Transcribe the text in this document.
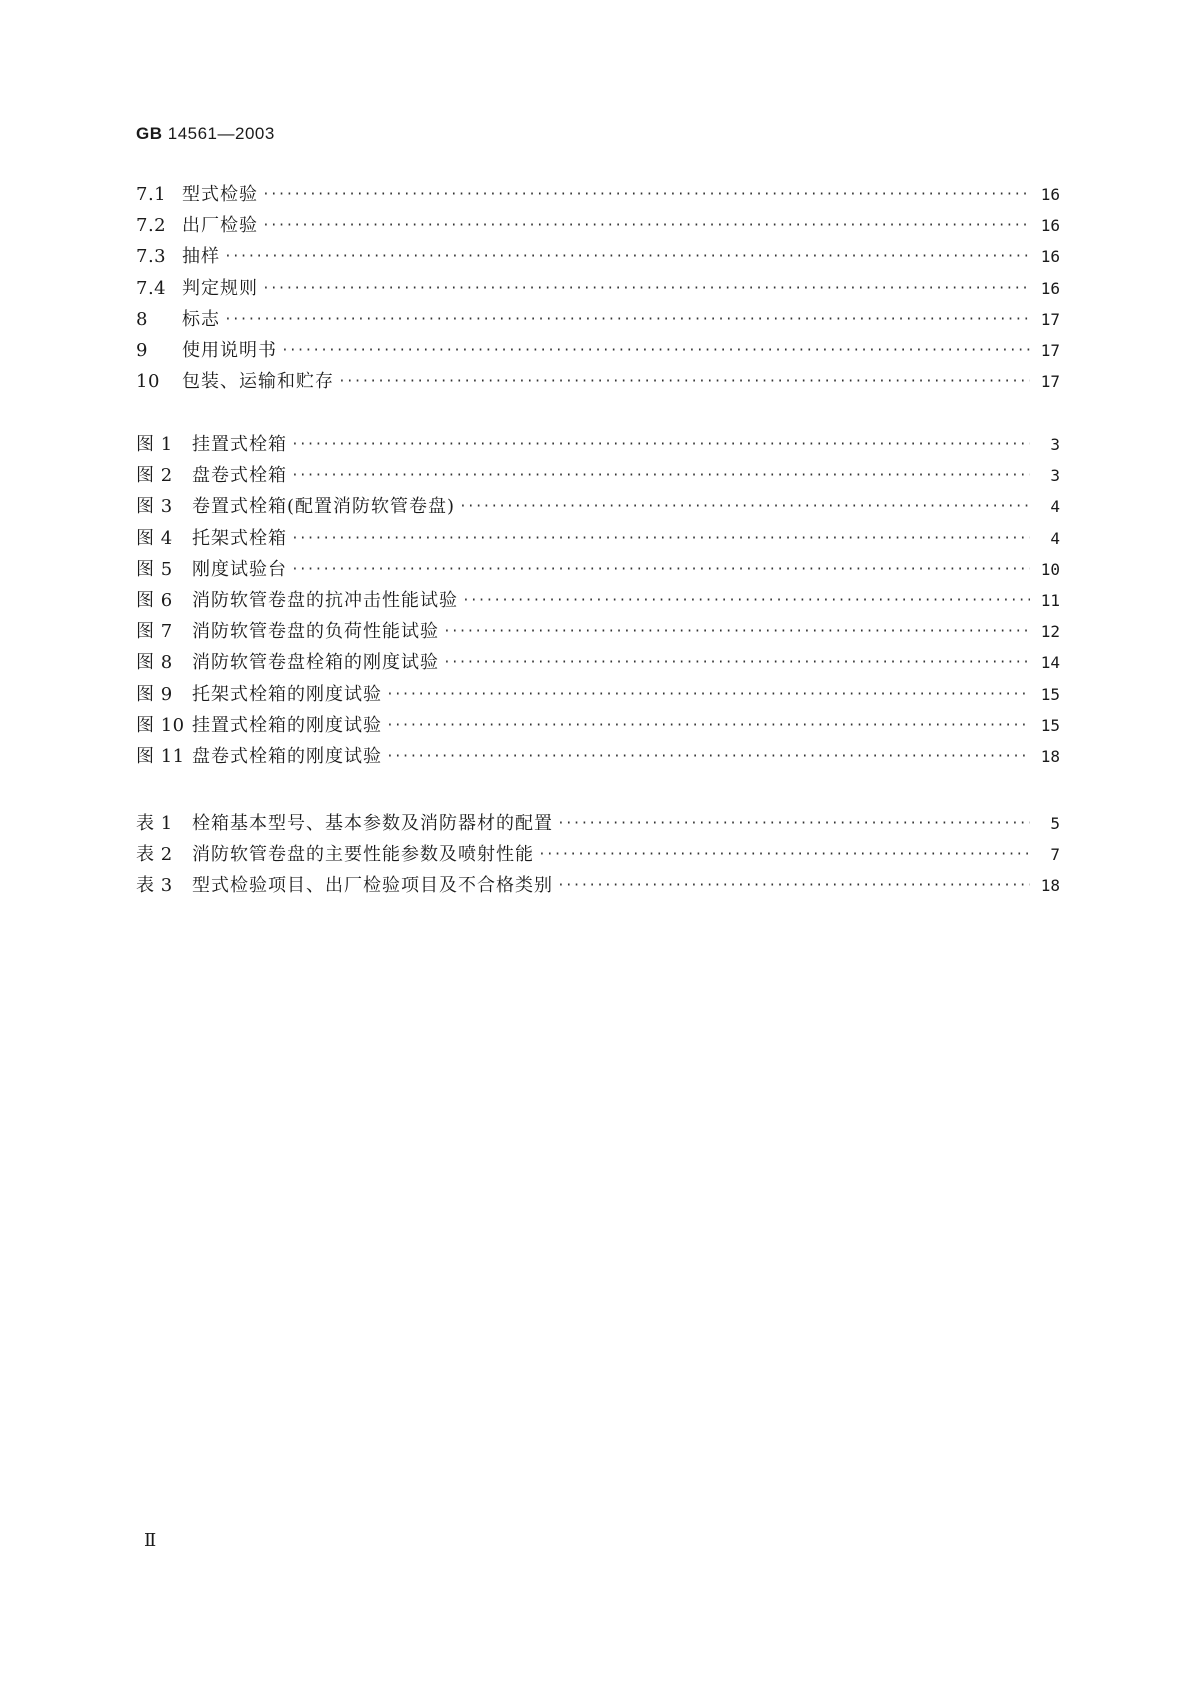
GB 14561—2003
7.1 型式检验 ·····	16
7.2 出厂检验 ·····	16
7.3 抽样 ·····	16
7.4 判定规则 ·····	16
8	标志 ·····	17
9	使用说明书 ·····	17
10	包装、运输和贮存 ·····	17
图 1	挂置式栓箱 ·····	3
图 2	盘卷式栓箱 ·····	3
图 3	卷置式栓箱(配置消防软管卷盘) ·····	4
图 4	托架式栓箱 ·····	4
图 5	刚度试验台 ·····	10
图 6	消防软管卷盘的抗冲击性能试验 ·····	11
图 7	消防软管卷盘的负荷性能试验 ·····	12
图 8	消防软管卷盘栓箱的刚度试验 ·····	14
图 9	托架式栓箱的刚度试验 ·····	15
图 10 挂置式栓箱的刚度试验 ·····	15
图 11 盘卷式栓箱的刚度试验 ·····	18
表 1	栓箱基本型号、基本参数及消防器材的配置 ·····	5
表 2	消防软管卷盘的主要性能参数及喷射性能 ·····	7
表 3	型式检验项目、出厂检验项目及不合格类别 ·····	18
Ⅱ
